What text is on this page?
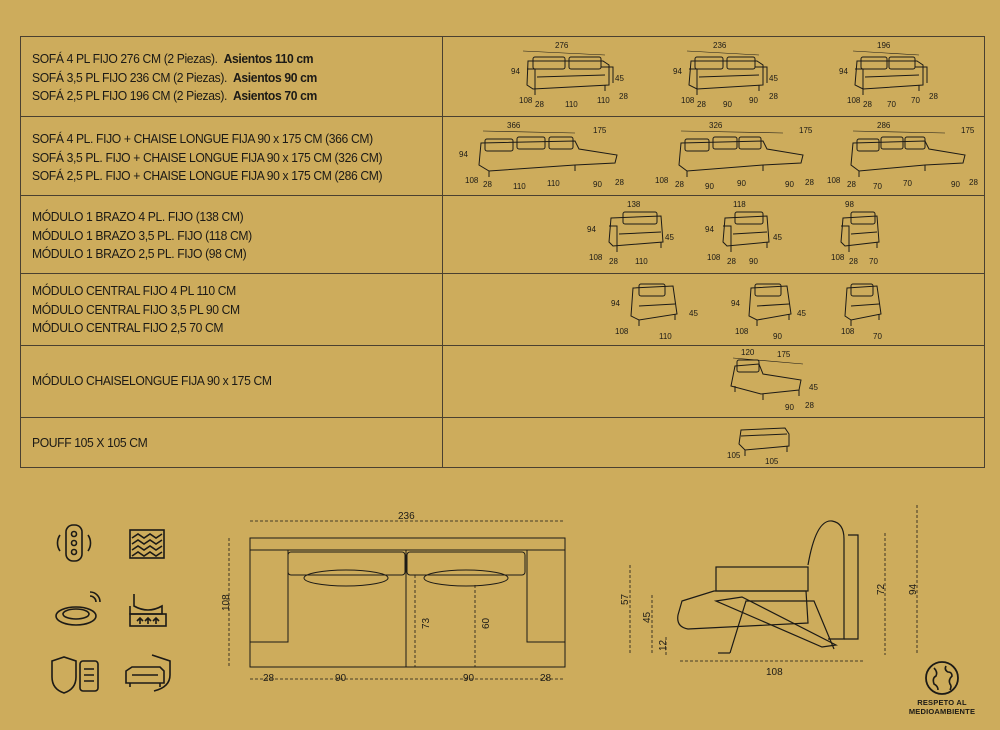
SOFÁ 4 PL FIJO 276 CM (2 Piezas). Asientos 110 cm
SOFÁ 3,5 PL FIJO 236 CM (2 Piezas). Asientos 90 cm
SOFÁ 2,5 PL FIJO 196 CM (2 Piezas). Asientos 70 cm
276
94
45
108 28	110 110 28
236
94
45
108 28 90 90 28
196
94
108 28 70 70 28
SOFÁ 4 PL. FIJO + CHAISE LONGUE FIJA 90 x 175 CM (366 CM)
SOFÁ 3,5 PL. FIJO + CHAISE LONGUE FIJA 90 x 175 CM (326 CM)
SOFÁ 2,5 PL. FIJO + CHAISE LONGUE FIJA 90 x 175 CM (286 CM)
366
175
94
108 28	110	110	90 28
326
175
108 28	90	90	90 28
286
175
108 28 70	70	90 28
MÓDULO 1 BRAZO 4 PL. FIJO (138 CM)
MÓDULO 1 BRAZO 3,5 PL. FIJO (118 CM)
MÓDULO 1 BRAZO 2,5 PL. FIJO (98 CM)
138
94
45
108 28 110
118
94
45
108 28 90
98
108 28 70
MÓDULO CENTRAL FIJO 4 PL 110 CM
MÓDULO CENTRAL FIJO 3,5 PL 90 CM
MÓDULO CENTRAL FIJO 2,5 70 CM
94
45
108
110
94
45
108
90
108
70
MÓDULO CHAISELONGUE FIJA 90 x 175 CM
120	175
45
90 28
POUFF 105 X 105 CM
105
105
236
108
73	60
28	90	90	28
57
45
12
72 94
108
RESPETO AL
MEDIOAMBIENTE
